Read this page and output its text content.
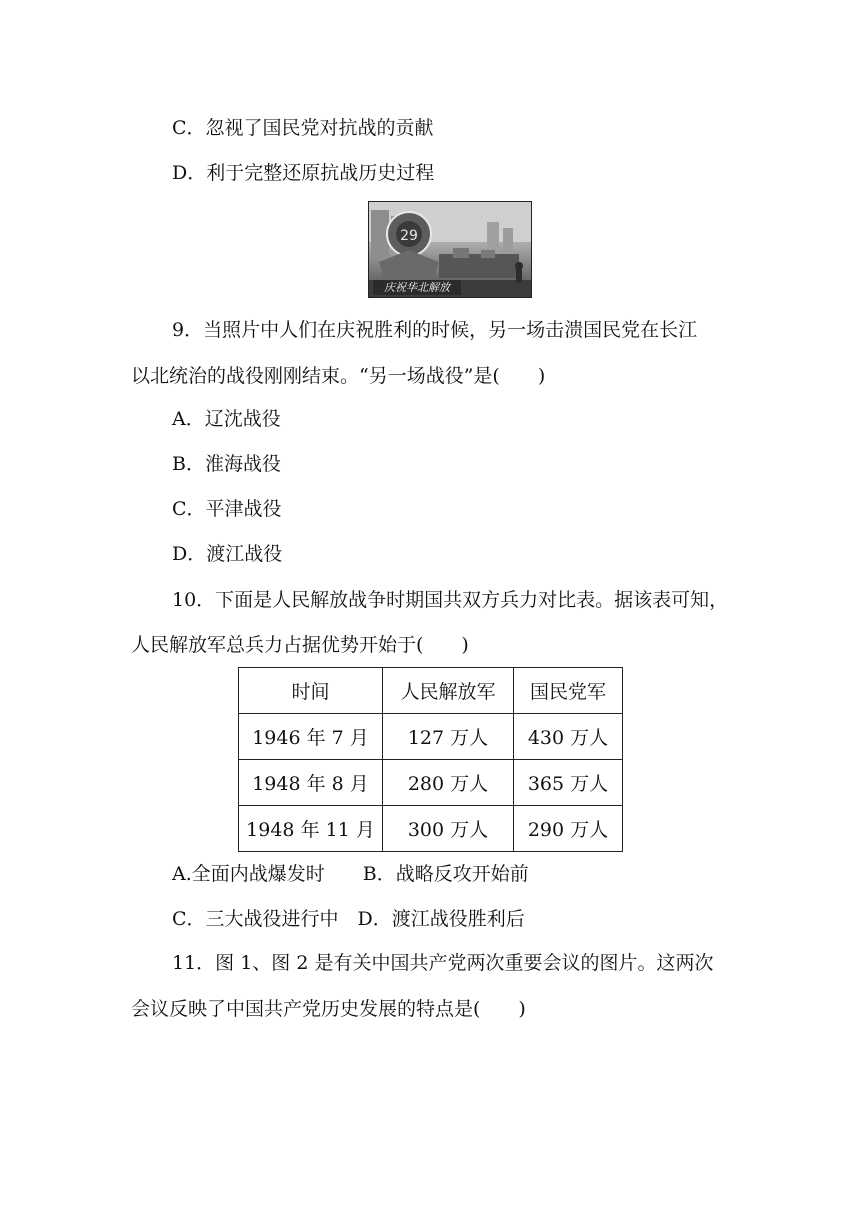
C．忽视了国民党对抗战的贡献
D．利于完整还原抗战历史过程
29
庆祝华北解放
9．当照片中人们在庆祝胜利的时候，另一场击溃国民党在长江
以北统治的战役刚刚结束。“另一场战役”是(　　)
A．辽沈战役
B．淮海战役
C．平津战役
D．渡江战役
10．下面是人民解放战争时期国共双方兵力对比表。据该表可知，
人民解放军总兵力占据优势开始于(　　)
时间	人民解放军	国民党军
1946 年 7 月	127 万人	430 万人
1948 年 8 月	280 万人	365 万人
1948 年 11 月	300 万人	290 万人
A.全面内战爆发时　　B．战略反攻开始前
C．三大战役进行中　D．渡江战役胜利后
11．图 1、图 2 是有关中国共产党两次重要会议的图片。这两次
会议反映了中国共产党历史发展的特点是(　　)
